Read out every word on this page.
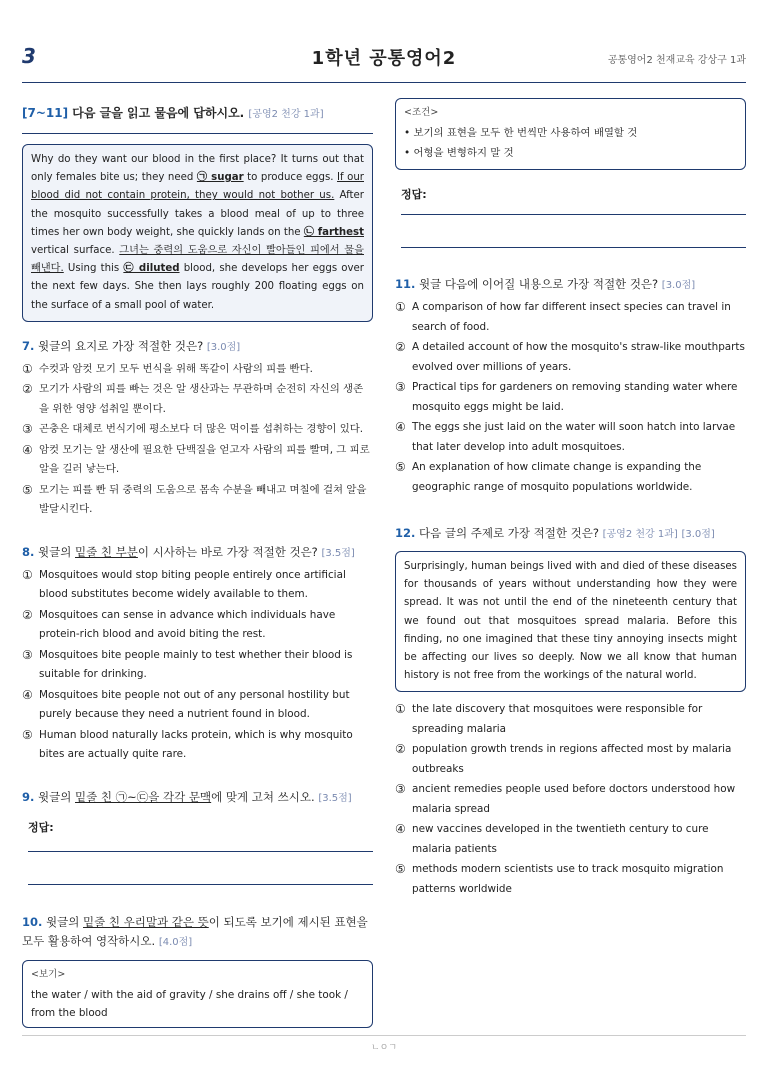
3	1학년 공통영어2	공통영어2 천재교육 강상구 1과
[7~11] 다음 글을 읽고 물음에 답하시오. [공영2 천강 1과]
Why do they want our blood in the first place? It turns out that only females bite us; they need ㉠ sugar to produce eggs. If our blood did not contain protein, they would not bother us. After the mosquito successfully takes a blood meal of up to three times her own body weight, she quickly lands on the ㉡ farthest vertical surface. 그녀는 중력의 도움으로 자신이 빨아들인 피에서 물을 빼낸다. Using this ㉢ diluted blood, she develops her eggs over the next few days. She then lays roughly 200 floating eggs on the surface of a small pool of water.
7. 윗글의 요지로 가장 적절한 것은? [3.0점]
① 수컷과 암컷 모기 모두 번식을 위해 똑같이 사람의 피를 빤다.
② 모기가 사람의 피를 빠는 것은 알 생산과는 무관하며 순전히 자신의 생존을 위한 영양 섭취일 뿐이다.
③ 곤충은 대체로 번식기에 평소보다 더 많은 먹이를 섭취하는 경향이 있다.
④ 암컷 모기는 알 생산에 필요한 단백질을 얻고자 사람의 피를 빨며, 그 피로 알을 길러 낳는다.
⑤ 모기는 피를 빤 뒤 중력의 도움으로 몸속 수분을 빼내고 며칠에 걸쳐 알을 발달시킨다.
8. 윗글의 밑줄 친 부분이 시사하는 바로 가장 적절한 것은? [3.5점]
① Mosquitoes would stop biting people entirely once artificial blood substitutes become widely available to them.
② Mosquitoes can sense in advance which individuals have protein-rich blood and avoid biting the rest.
③ Mosquitoes bite people mainly to test whether their blood is suitable for drinking.
④ Mosquitoes bite people not out of any personal hostility but purely because they need a nutrient found in blood.
⑤ Human blood naturally lacks protein, which is why mosquito bites are actually quite rare.
9. 윗글의 밑줄 친 ㉠~㉢을 각각 문맥에 맞게 고쳐 쓰시오. [3.5점]
정답:
10. 윗글의 밑줄 친 우리말과 같은 뜻이 되도록 보기에 제시된 표현을 모두 활용하여 영작하시오. [4.0점]
<보기>
the water / with the aid of gravity / she drains off / she took / from the blood
<조건>
• 보기의 표현을 모두 한 번씩만 사용하여 배열할 것
• 어형을 변형하지 말 것
정답:
11. 윗글 다음에 이어질 내용으로 가장 적절한 것은? [3.0점]
① A comparison of how far different insect species can travel in search of food.
② A detailed account of how the mosquito's straw-like mouthparts evolved over millions of years.
③ Practical tips for gardeners on removing standing water where mosquito eggs might be laid.
④ The eggs she just laid on the water will soon hatch into larvae that later develop into adult mosquitoes.
⑤ An explanation of how climate change is expanding the geographic range of mosquito populations worldwide.
12. 다음 글의 주제로 가장 적절한 것은? [공영2 천강 1과] [3.0점]
Surprisingly, human beings lived with and died of these diseases for thousands of years without understanding how they were spread. It was not until the end of the nineteenth century that we found out that mosquitoes spread malaria. Before this finding, no one imagined that these tiny annoying insects might be affecting our lives so deeply. Now we all know that human history is not free from the workings of the natural world.
① the late discovery that mosquitoes were responsible for spreading malaria
② population growth trends in regions affected most by malaria outbreaks
③ ancient remedies people used before doctors understood how malaria spread
④ new vaccines developed in the twentieth century to cure malaria patients
⑤ methods modern scientists use to track mosquito migration patterns worldwide
ㄴㅇㄱ
